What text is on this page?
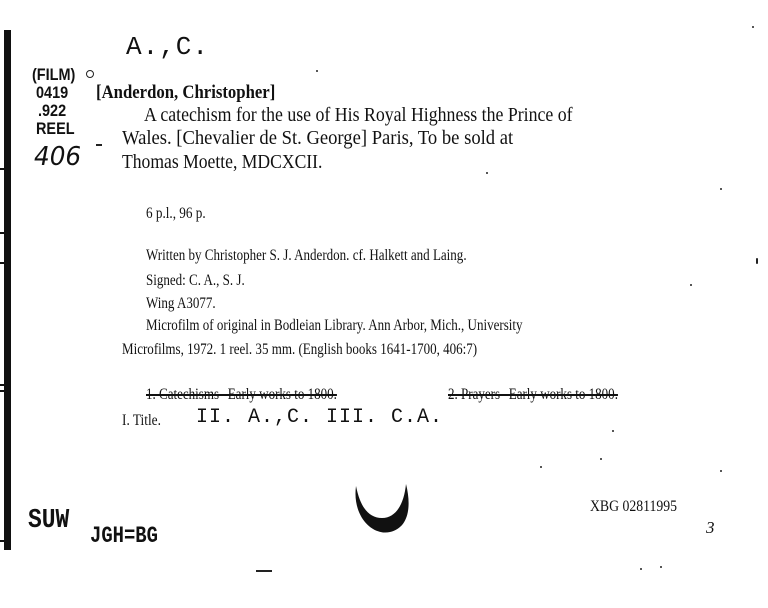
A.,C.
(FILM)
0419
.922
REEL
406
[Anderdon, Christopher]
A catechism for the use of His Royal Highness the Prince of
Wales. [Chevalier de St. George] Paris, To be sold at
Thomas Moette, MDCXCII.
6 p.l., 96 p.
Written by Christopher S. J. Anderdon. cf. Halkett and Laing.
Signed: C. A., S. J.
Wing A3077.
Microfilm of original in Bodleian Library. Ann Arbor, Mich., University
Microfilms, 1972. 1 reel. 35 mm. (English books 1641-1700, 406:7)
1. Catechisms--Early works to 1800.	2. Prayers--Early works to 1800.
I. Title. II. A.,C. III. C.A.
SUW JGH=BG
XBG 02811995
3
